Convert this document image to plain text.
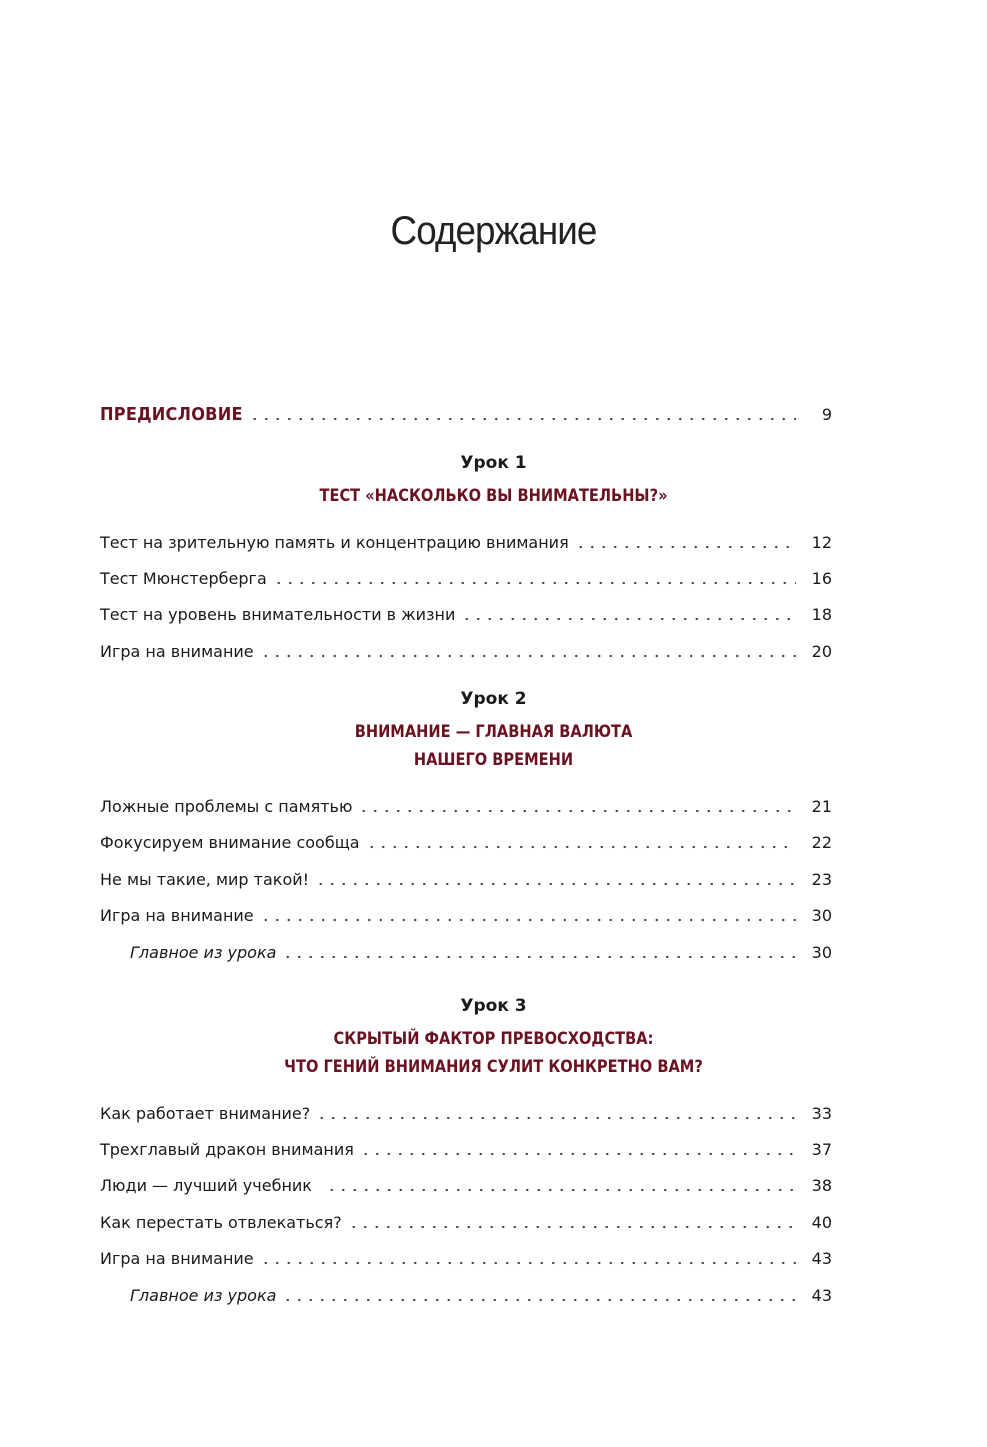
Содержание
ПРЕДИСЛОВИЕ	9
Урок 1
ТЕСТ «НАСКОЛЬКО ВЫ ВНИМАТЕЛЬНЫ?»
Тест на зрительную память и концентрацию внимания	12
Тест Мюнстерберга	16
Тест на уровень внимательности в жизни	18
Игра на внимание	20
Урок 2
ВНИМАНИЕ — ГЛАВНАЯ ВАЛЮТА
НАШЕГО ВРЕМЕНИ
Ложные проблемы с памятью	21
Фокусируем внимание сообща	22
Не мы такие, мир такой!	23
Игра на внимание	30
Главное из урока	30
Урок 3
СКРЫТЫЙ ФАКТОР ПРЕВОСХОДСТВА:
ЧТО ГЕНИЙ ВНИМАНИЯ СУЛИТ КОНКРЕТНО ВАМ?
Как работает внимание?	33
Трехглавый дракон внимания	37
Люди — лучший учебник	38
Как перестать отвлекаться?	40
Игра на внимание	43
Главное из урока	43
